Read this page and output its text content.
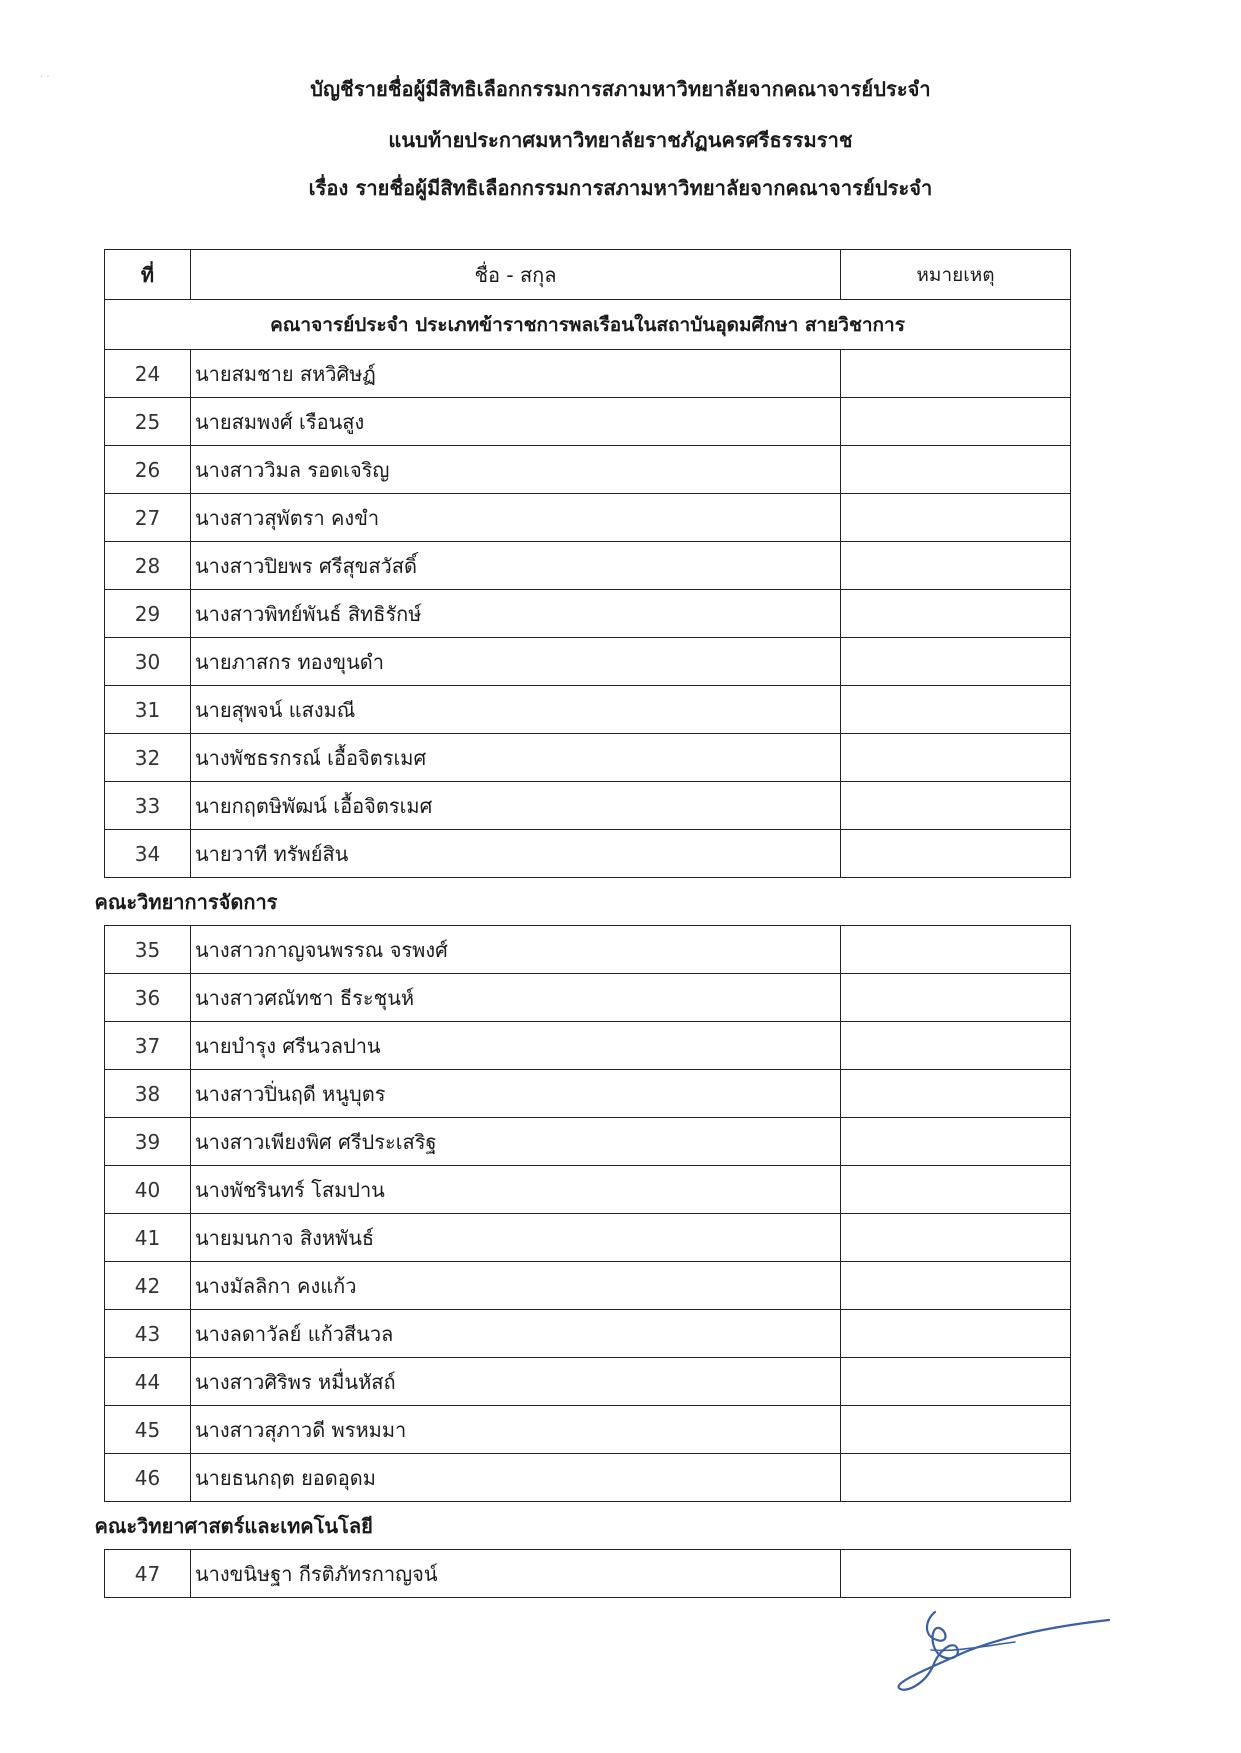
· ·	บัญชีรายชื่อผู้มีสิทธิเลือกกรรมการสภามหาวิทยาลัยจากคณาจารย์ประจำ
แนบท้ายประกาศมหาวิทยาลัยราชภัฏนครศรีธรรมราช
เรื่อง รายชื่อผู้มีสิทธิเลือกกรรมการสภามหาวิทยาลัยจากคณาจารย์ประจำ
ที่	ชื่อ - สกุล	หมายเหตุ
คณาจารย์ประจำ ประเภทข้าราชการพลเรือนในสถาบันอุดมศึกษา สายวิชาการ		
24	นายสมชาย สหวิศิษฏ์	
25	นายสมพงศ์ เรือนสูง	
26	นางสาววิมล รอดเจริญ	
27	นางสาวสุพัตรา คงขำ	
28	นางสาวปิยพร ศรีสุขสวัสดิ์	
29	นางสาวพิทย์พันธ์ สิทธิรักษ์	
30	นายภาสกร ทองขุนดำ	
31	นายสุพจน์ แสงมณี	
32	นางพัชธรกรณ์ เอื้อจิตรเมศ	
33	นายกฤตษิพัฒน์ เอื้อจิตรเมศ	
34	นายวาที ทรัพย์สิน	
คณะวิทยาการจัดการ		
35	นางสาวกาญจนพรรณ จรพงศ์	
36	นางสาวศณัทชา ธีระชุนห์	
37	นายบำรุง ศรีนวลปาน	
38	นางสาวปิ่นฤดี หนูบุตร	
39	นางสาวเพียงพิศ ศรีประเสริฐ	
40	นางพัชรินทร์ โสมปาน	
41	นายมนกาจ สิงหพันธ์	
42	นางมัลลิกา คงแก้ว	
43	นางลดาวัลย์ แก้วสีนวล	
44	นางสาวศิริพร หมื่นหัสถ์	
45	นางสาวสุภาวดี พรหมมา	
46	นายธนกฤต ยอดอุดม	
คณะวิทยาศาสตร์และเทคโนโลยี		
47	นางขนิษฐา กีรติภัทรกาญจน์	
